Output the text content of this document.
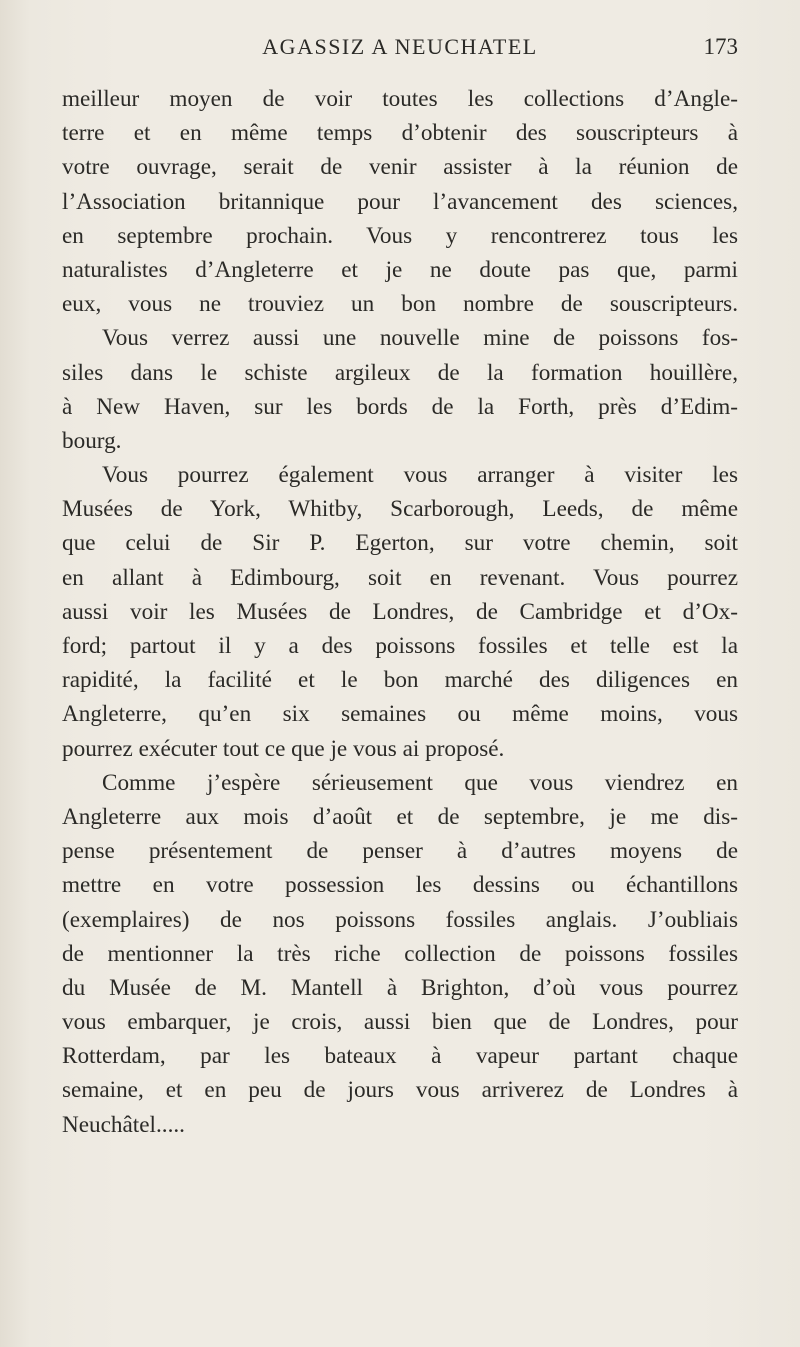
AGASSIZ A NEUCHATEL	173
meilleur moyen de voir toutes les collections d’Angle-
terre et en même temps d’obtenir des souscripteurs à
votre ouvrage, serait de venir assister à la réunion de
l’Association britannique pour l’avancement des sciences,
en septembre prochain. Vous y rencontrerez tous les
naturalistes d’Angleterre et je ne doute pas que, parmi
eux, vous ne trouviez un bon nombre de souscripteurs.
Vous verrez aussi une nouvelle mine de poissons fos-
siles dans le schiste argileux de la formation houillère,
à New Haven, sur les bords de la Forth, près d’Edim-
bourg.
Vous pourrez également vous arranger à visiter les
Musées de York, Whitby, Scarborough, Leeds, de même
que celui de Sir P. Egerton, sur votre chemin, soit
en allant à Edimbourg, soit en revenant. Vous pourrez
aussi voir les Musées de Londres, de Cambridge et d’Ox-
ford; partout il y a des poissons fossiles et telle est la
rapidité, la facilité et le bon marché des diligences en
Angleterre, qu’en six semaines ou même moins, vous
pourrez exécuter tout ce que je vous ai proposé.
Comme j’espère sérieusement que vous viendrez en
Angleterre aux mois d’août et de septembre, je me dis-
pense présentement de penser à d’autres moyens de
mettre en votre possession les dessins ou échantillons
(exemplaires) de nos poissons fossiles anglais. J’oubliais
de mentionner la très riche collection de poissons fossiles
du Musée de M. Mantell à Brighton, d’où vous pourrez
vous embarquer, je crois, aussi bien que de Londres, pour
Rotterdam, par les bateaux à vapeur partant chaque
semaine, et en peu de jours vous arriverez de Londres à
Neuchâtel.....
